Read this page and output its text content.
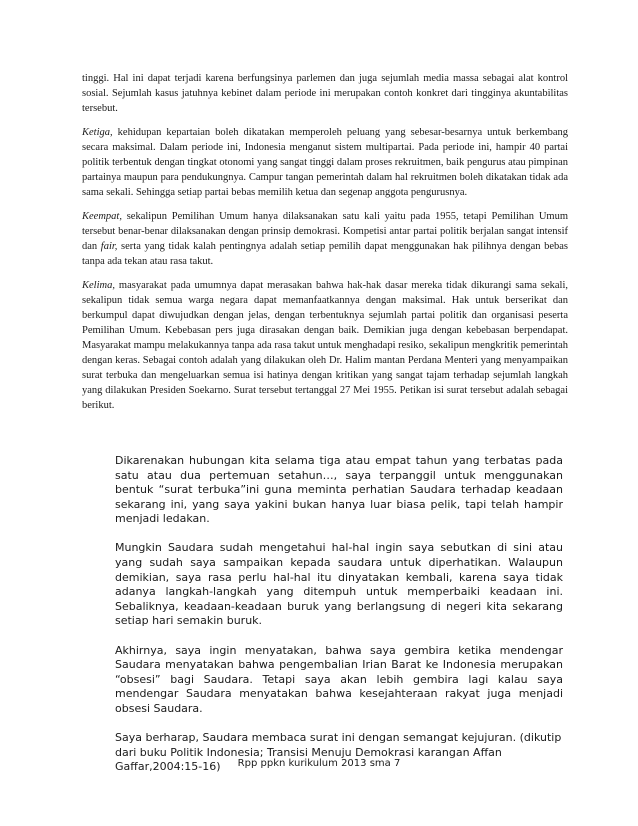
tinggi. Hal ini dapat terjadi karena berfungsinya parlemen dan juga sejumlah media massa sebagai alat kontrol sosial. Sejumlah kasus jatuhnya kebinet dalam periode ini merupakan contoh konkret dari tingginya akuntabilitas tersebut.

Ketiga, kehidupan kepartaian boleh dikatakan memperoleh peluang yang sebesar-besarnya untuk berkembang secara maksimal. Dalam periode ini, Indonesia menganut sistem multipartai. Pada periode ini, hampir 40 partai politik terbentuk dengan tingkat otonomi yang sangat tinggi dalam proses rekruitmen, baik pengurus atau pimpinan partainya maupun para pendukungnya. Campur tangan pemerintah dalam hal rekruitmen boleh dikatakan tidak ada sama sekali. Sehingga setiap partai bebas memilih ketua dan segenap anggota pengurusnya.

Keempat, sekalipun Pemilihan Umum hanya dilaksanakan satu kali yaitu pada 1955, tetapi Pemilihan Umum tersebut benar-benar dilaksanakan dengan prinsip demokrasi. Kompetisi antar partai politik berjalan sangat intensif dan fair, serta yang tidak kalah pentingnya adalah setiap pemilih dapat menggunakan hak pilihnya dengan bebas tanpa ada tekan atau rasa takut.

Kelima, masyarakat pada umumnya dapat merasakan bahwa hak-hak dasar mereka tidak dikurangi sama sekali, sekalipun tidak semua warga negara dapat memanfaatkannya dengan maksimal. Hak untuk berserikat dan berkumpul dapat diwujudkan dengan jelas, dengan terbentuknya sejumlah partai politik dan organisasi peserta Pemilihan Umum. Kebebasan pers juga dirasakan dengan baik. Demikian juga dengan kebebasan berpendapat. Masyarakat mampu melakukannya tanpa ada rasa takut untuk menghadapi resiko, sekalipun mengkritik pemerintah dengan keras. Sebagai contoh adalah yang dilakukan oleh Dr. Halim mantan Perdana Menteri yang menyampaikan surat terbuka dan mengeluarkan semua isi hatinya dengan kritikan yang sangat tajam terhadap sejumlah langkah yang dilakukan Presiden Soekarno. Surat tersebut tertanggal 27 Mei 1955. Petikan isi surat tersebut adalah sebagai berikut.

Dikarenakan hubungan kita selama tiga atau empat tahun yang terbatas pada satu atau dua pertemuan setahun…, saya terpanggil untuk menggunakan bentuk “surat terbuka”ini guna meminta perhatian Saudara terhadap keadaan sekarang ini, yang saya yakini bukan hanya luar biasa pelik, tapi telah hampir menjadi ledakan.

Mungkin Saudara sudah mengetahui hal-hal ingin saya sebutkan di sini atau yang sudah saya sampaikan kepada saudara untuk diperhatikan. Walaupun demikian, saya rasa perlu hal-hal itu dinyatakan kembali, karena saya tidak adanya langkah-langkah yang ditempuh untuk memperbaiki keadaan ini. Sebaliknya, keadaan-keadaan buruk yang berlangsung di negeri kita sekarang setiap hari semakin buruk.

Akhirnya, saya ingin menyatakan, bahwa saya gembira ketika mendengar Saudara menyatakan bahwa pengembalian Irian Barat ke Indonesia merupakan “obsesi” bagi Saudara. Tetapi saya akan lebih gembira lagi kalau saya mendengar Saudara menyatakan bahwa kesejahteraan rakyat juga menjadi obsesi Saudara.

Saya berharap, Saudara membaca surat ini dengan semangat kejujuran. (dikutip dari buku Politik Indonesia; Transisi Menuju Demokrasi karangan Affan Gaffar,2004:15-16)	Rpp ppkn kurikulum 2013 sma 7
